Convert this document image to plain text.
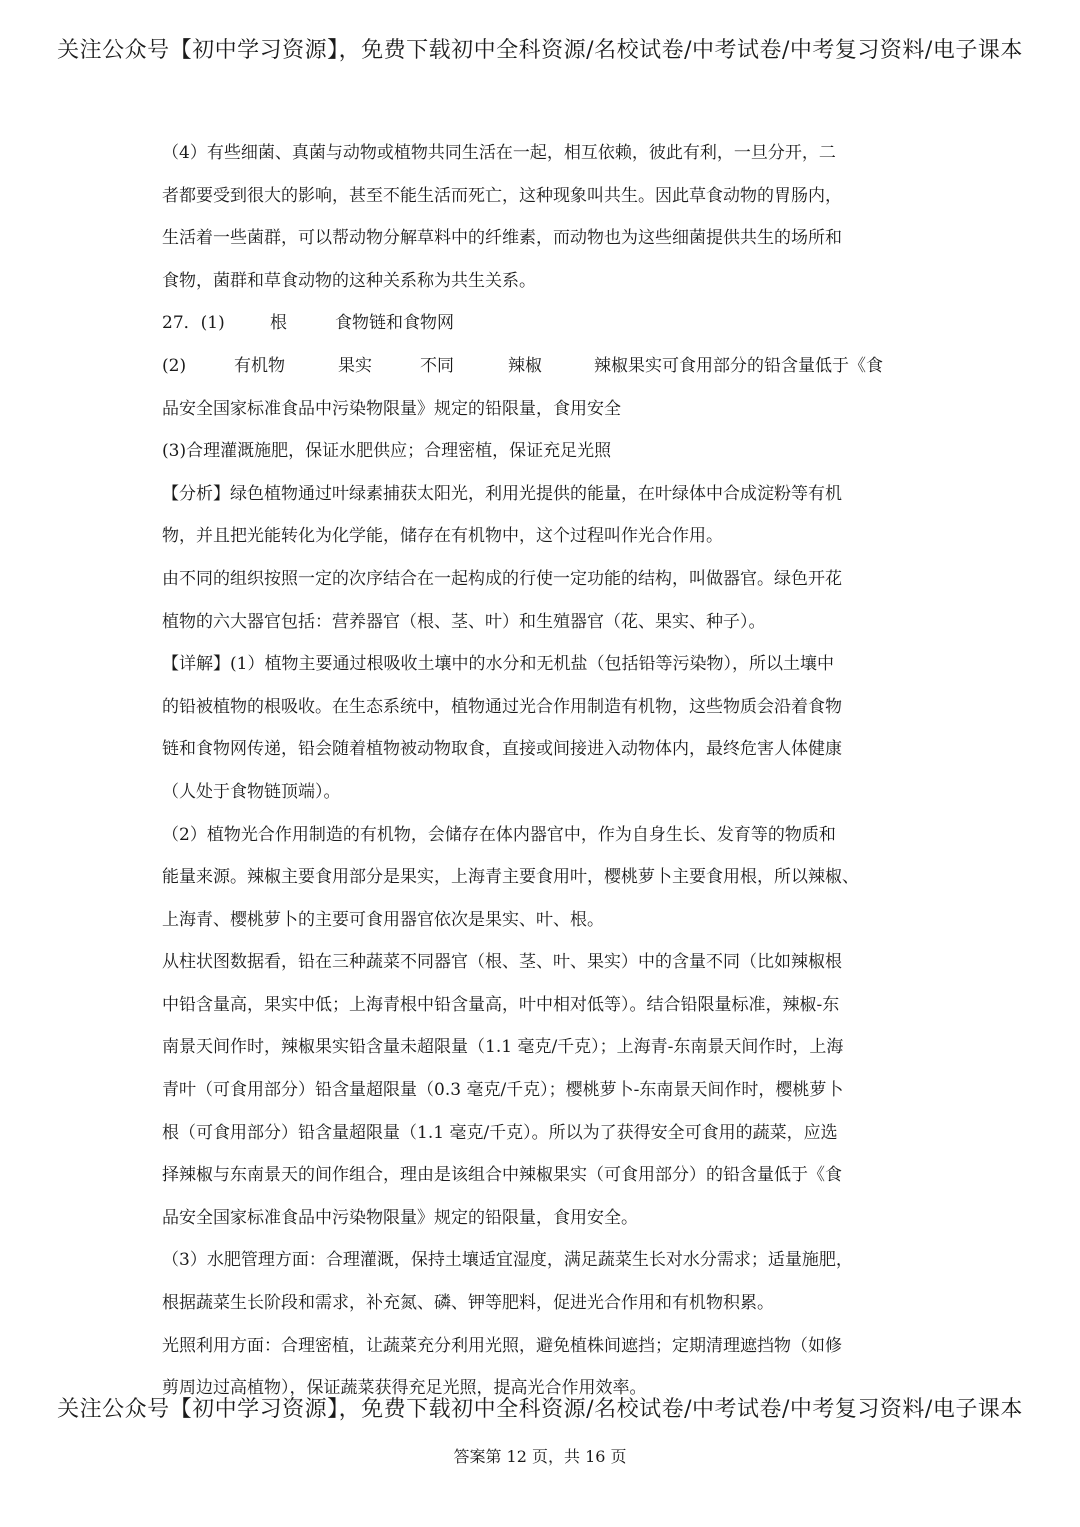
关注公众号【初中学习资源】，免费下载初中全科资源/名校试卷/中考试卷/中考复习资料/电子课本
（4）有些细菌、真菌与动物或植物共同生活在一起，相互依赖，彼此有利，一旦分开，二
者都要受到很大的影响，甚至不能生活而死亡，这种现象叫共生。因此草食动物的胃肠内，
生活着一些菌群，可以帮动物分解草料中的纤维素，而动物也为这些细菌提供共生的场所和
食物，菌群和草食动物的这种关系称为共生关系。
27．(1)	根	食物链和食物网
(2)	有机物	果实	不同	辣椒	辣椒果实可食用部分的铅含量低于《食
品安全国家标准食品中污染物限量》规定的铅限量，食用安全
(3)合理灌溉施肥，保证水肥供应；合理密植，保证充足光照
【分析】绿色植物通过叶绿素捕获太阳光，利用光提供的能量，在叶绿体中合成淀粉等有机
物，并且把光能转化为化学能，储存在有机物中，这个过程叫作光合作用。
由不同的组织按照一定的次序结合在一起构成的行使一定功能的结构，叫做器官。绿色开花
植物的六大器官包括：营养器官（根、茎、叶）和生殖器官（花、果实、种子）。
【详解】(1）植物主要通过根吸收土壤中的水分和无机盐（包括铅等污染物），所以土壤中
的铅被植物的根吸收。在生态系统中，植物通过光合作用制造有机物，这些物质会沿着食物
链和食物网传递，铅会随着植物被动物取食，直接或间接进入动物体内，最终危害人体健康
（人处于食物链顶端）。
（2）植物光合作用制造的有机物，会储存在体内器官中，作为自身生长、发育等的物质和
能量来源。辣椒主要食用部分是果实，上海青主要食用叶，樱桃萝卜主要食用根，所以辣椒、
上海青、樱桃萝卜的主要可食用器官依次是果实、叶、根。
从柱状图数据看，铅在三种蔬菜不同器官（根、茎、叶、果实）中的含量不同（比如辣椒根
中铅含量高，果实中低；上海青根中铅含量高，叶中相对低等）。结合铅限量标准，辣椒-东
南景天间作时，辣椒果实铅含量未超限量（1.1 毫克/千克）；上海青-东南景天间作时，上海
青叶（可食用部分）铅含量超限量（0.3 毫克/千克）；樱桃萝卜-东南景天间作时，樱桃萝卜
根（可食用部分）铅含量超限量（1.1 毫克/千克）。所以为了获得安全可食用的蔬菜，应选
择辣椒与东南景天的间作组合，理由是该组合中辣椒果实（可食用部分）的铅含量低于《食
品安全国家标准食品中污染物限量》规定的铅限量，食用安全。
（3）水肥管理方面：合理灌溉，保持土壤适宜湿度，满足蔬菜生长对水分需求；适量施肥，
根据蔬菜生长阶段和需求，补充氮、磷、钾等肥料，促进光合作用和有机物积累。
光照利用方面：合理密植，让蔬菜充分利用光照，避免植株间遮挡；定期清理遮挡物（如修
剪周边过高植物），保证蔬菜获得充足光照，提高光合作用效率。
关注公众号【初中学习资源】，免费下载初中全科资源/名校试卷/中考试卷/中考复习资料/电子课本
答案第 12 页，共 16 页
